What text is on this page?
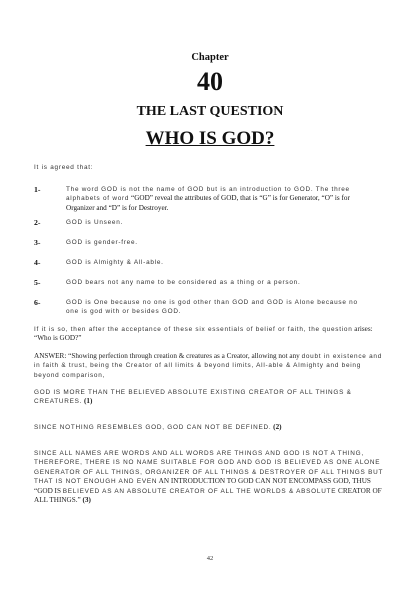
Chapter
40
THE LAST QUESTION
WHO IS GOD?
It is agreed that:
1-	The word GOD is not the name of GOD but is an introduction to GOD. The three alphabets of word “GOD” reveal the attributes of GOD, that is “G” is for Generator, “O” is for Organizer and “D” is for Destroyer.
2-	GOD is Unseen.
3-	GOD is gender-free.
4-	GOD is Almighty & All-able.
5-	GOD bears not any name to be considered as a thing or a person.
6-	GOD is One because no one is god other than GOD and GOD is Alone because no one is god with or besides GOD.
If it is so, then after the acceptance of these six essentials of belief or faith, the question arises: “Who is GOD?”
ANSWER: “Showing perfection through creation & creatures as a Creator, allowing not any doubt in existence and in faith & trust, being the Creator of all limits & beyond limits, All-able & Almighty and being beyond comparison,
GOD IS MORE THAN THE BELIEVED ABSOLUTE EXISTING CREATOR OF ALL THINGS & CREATURES. (1)
SINCE NOTHING RESEMBLES GOD, GOD CAN NOT BE DEFINED. (2)
SINCE ALL NAMES ARE WORDS AND ALL WORDS ARE THINGS AND GOD IS NOT A THING, THEREFORE, THERE IS NO NAME SUITABLE FOR GOD AND GOD IS BELIEVED AS ONE ALONE GENERATOR OF ALL THINGS, ORGANIZER OF ALL THINGS & DESTROYER OF ALL THINGS BUT THAT IS NOT ENOUGH AND EVEN AN INTRODUCTION TO GOD CAN NOT ENCOMPASS GOD, THUS “GOD IS BELIEVED AS AN ABSOLUTE CREATOR OF ALL THE WORLDS & ABSOLUTE CREATOR OF ALL THINGS.” (3)
42
